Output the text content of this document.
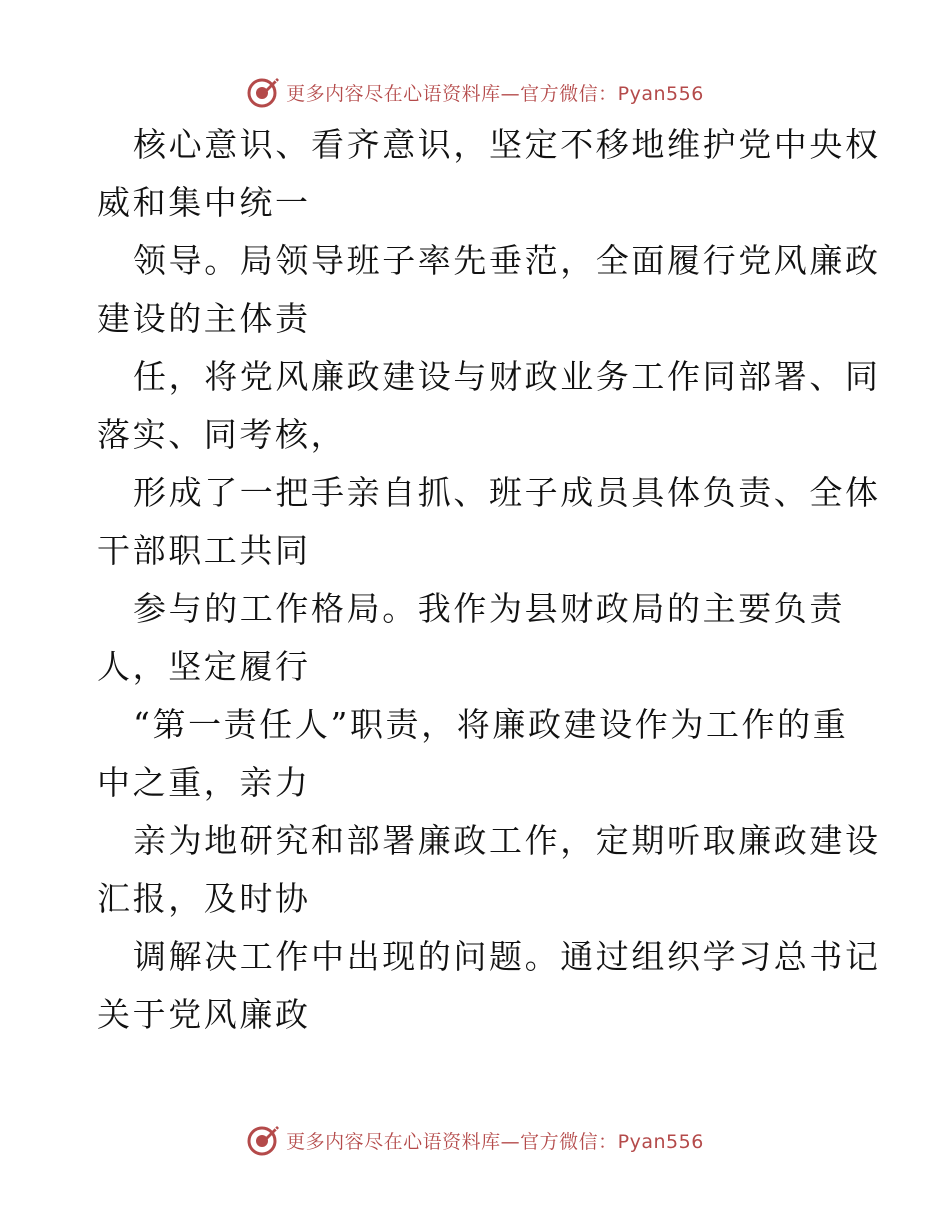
更多内容尽在心语资料库—官方微信：Pyan556

核心意识、看齐意识，坚定不移地维护党中央权
威和集中统一

领导。局领导班子率先垂范，全面履行党风廉政
建设的主体责

任，将党风廉政建设与财政业务工作同部署、同
落实、同考核，

形成了一把手亲自抓、班子成员具体负责、全体
干部职工共同

参与的工作格局。我作为县财政局的主要负责
人，坚定履行

“第一责任人”职责，将廉政建设作为工作的重
中之重，亲力

亲为地研究和部署廉政工作，定期听取廉政建设
汇报，及时协

调解决工作中出现的问题。通过组织学习总书记
关于党风廉政

更多内容尽在心语资料库—官方微信：Pyan556
